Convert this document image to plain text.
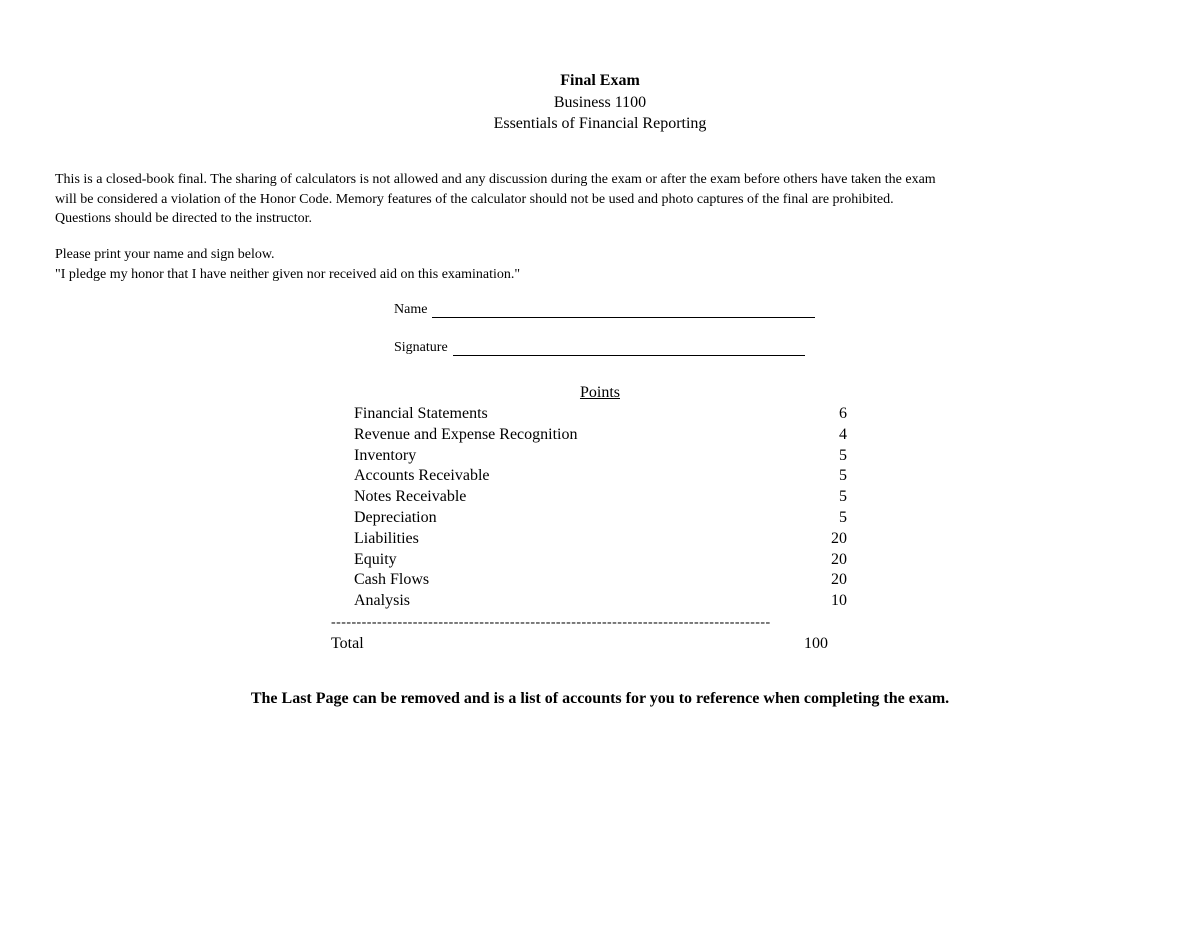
Final Exam
Business 1100
Essentials of Financial Reporting
This is a closed-book final. The sharing of calculators is not allowed and any discussion during the exam or after the exam before others have taken the exam
will be considered a violation of the Honor Code. Memory features of the calculator should not be used and photo captures of the final are prohibited.
Questions should be directed to the instructor.
Please print your name and sign below.
"I pledge my honor that I have neither given nor received aid on this examination."
Name
Signature
Points
Financial Statements	6
Revenue and Expense Recognition	4
Inventory	5
Accounts Receivable	5
Notes Receivable	5
Depreciation	5
Liabilities	20
Equity	20
Cash Flows	20
Analysis	10
--------------------------------------------------------------------------------------
Total	100
The Last Page can be removed and is a list of accounts for you to reference when completing the exam.
